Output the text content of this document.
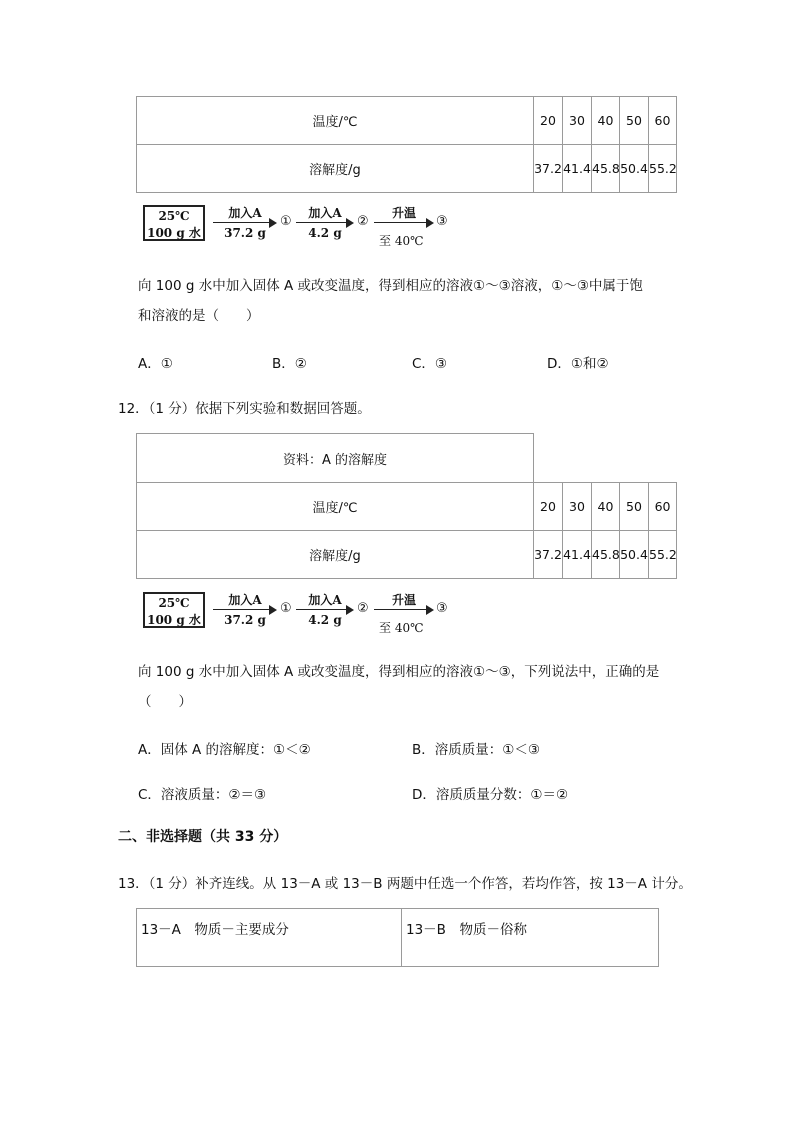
温度/℃	20	30	40	50	60
溶解度/g	37.2	41.4	45.8	50.4	55.2
25℃
100 g 水
加入A
37.2 g
①
加入A
4.2 g
②
升温
③
至 40℃
向 100 g 水中加入固体 A 或改变温度，得到相应的溶液①～③溶液，①～③中属于饱
和溶液的是（　　）
A．①	B．②	C．③	D．①和②
12．（1 分）依据下列实验和数据回答题。
资料：A 的溶解度					
温度/℃	20	30	40	50	60
溶解度/g	37.2	41.4	45.8	50.4	55.2
25℃
100 g 水
加入A
37.2 g
①
加入A
4.2 g
②
升温
③
至 40℃
向 100 g 水中加入固体 A 或改变温度，得到相应的溶液①～③，下列说法中，正确的是
（　　）
A．固体 A 的溶解度：①＜②	B．溶质质量：①＜③
C．溶液质量：②＝③	D．溶质质量分数：①＝②
二、非选择题（共 33 分）
13．（1 分）补齐连线。从 13－A 或 13－B 两题中任选一个作答，若均作答，按 13－A 计分。
13－A　物质－主要成分	13－B　物质－俗称
